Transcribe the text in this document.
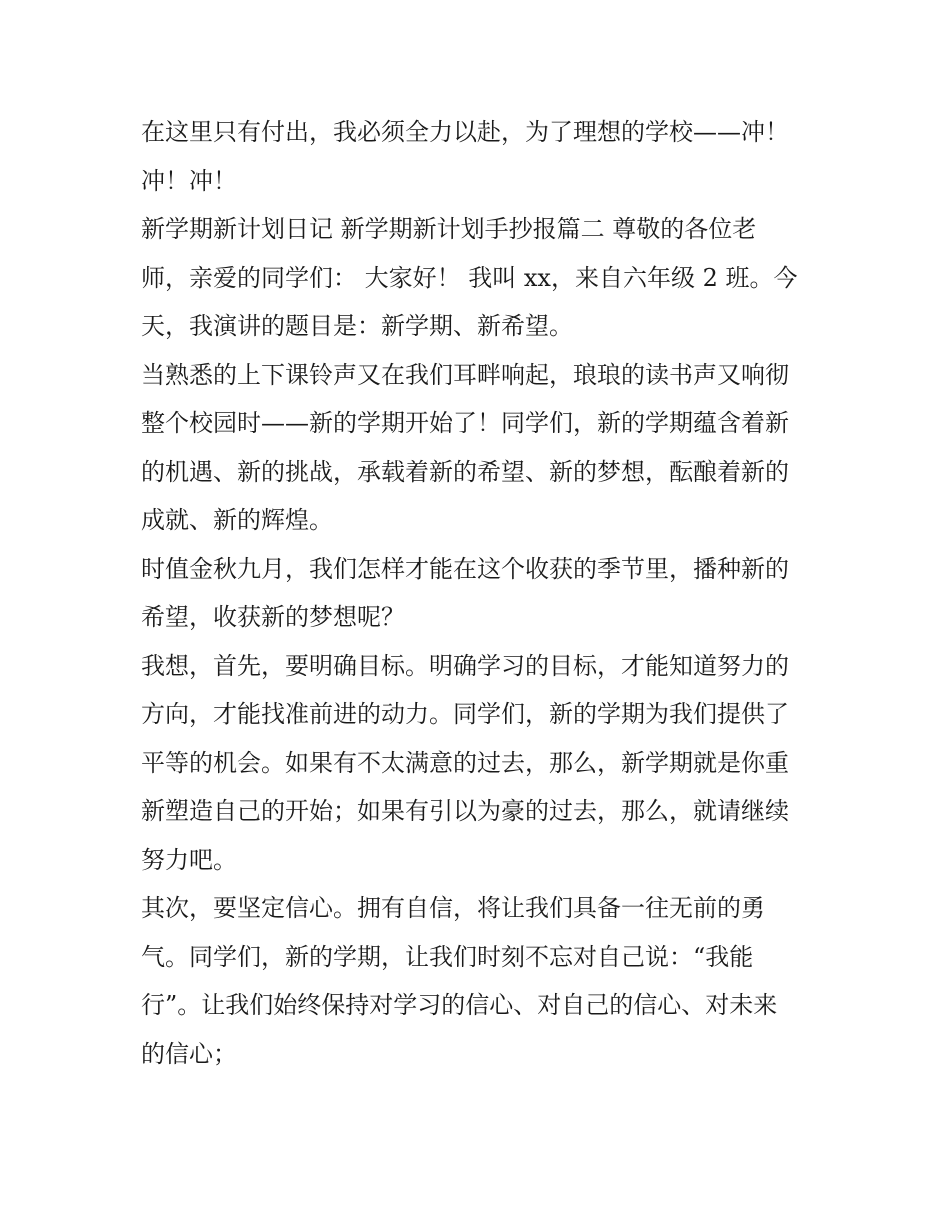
在这里只有付出，我必须全力以赴，为了理想的学校——冲！
冲！冲！

新学期新计划日记 新学期新计划手抄报篇二 尊敬的各位老
师，亲爱的同学们： 大家好！ 我叫 xx，来自六年级 2 班。今
天，我演讲的题目是：新学期、新希望。

当熟悉的上下课铃声又在我们耳畔响起，琅琅的读书声又响彻
整个校园时——新的学期开始了！同学们，新的学期蕴含着新
的机遇、新的挑战，承载着新的希望、新的梦想，酝酿着新的
成就、新的辉煌。

时值金秋九月，我们怎样才能在这个收获的季节里，播种新的
希望，收获新的梦想呢？

我想，首先，要明确目标。明确学习的目标，才能知道努力的
方向，才能找准前进的动力。同学们，新的学期为我们提供了
平等的机会。如果有不太满意的过去，那么，新学期就是你重
新塑造自己的开始；如果有引以为豪的过去，那么，就请继续
努力吧。

其次，要坚定信心。拥有自信，将让我们具备一往无前的勇
气。同学们，新的学期，让我们时刻不忘对自己说：“我能
行”。让我们始终保持对学习的信心、对自己的信心、对未来
的信心；
